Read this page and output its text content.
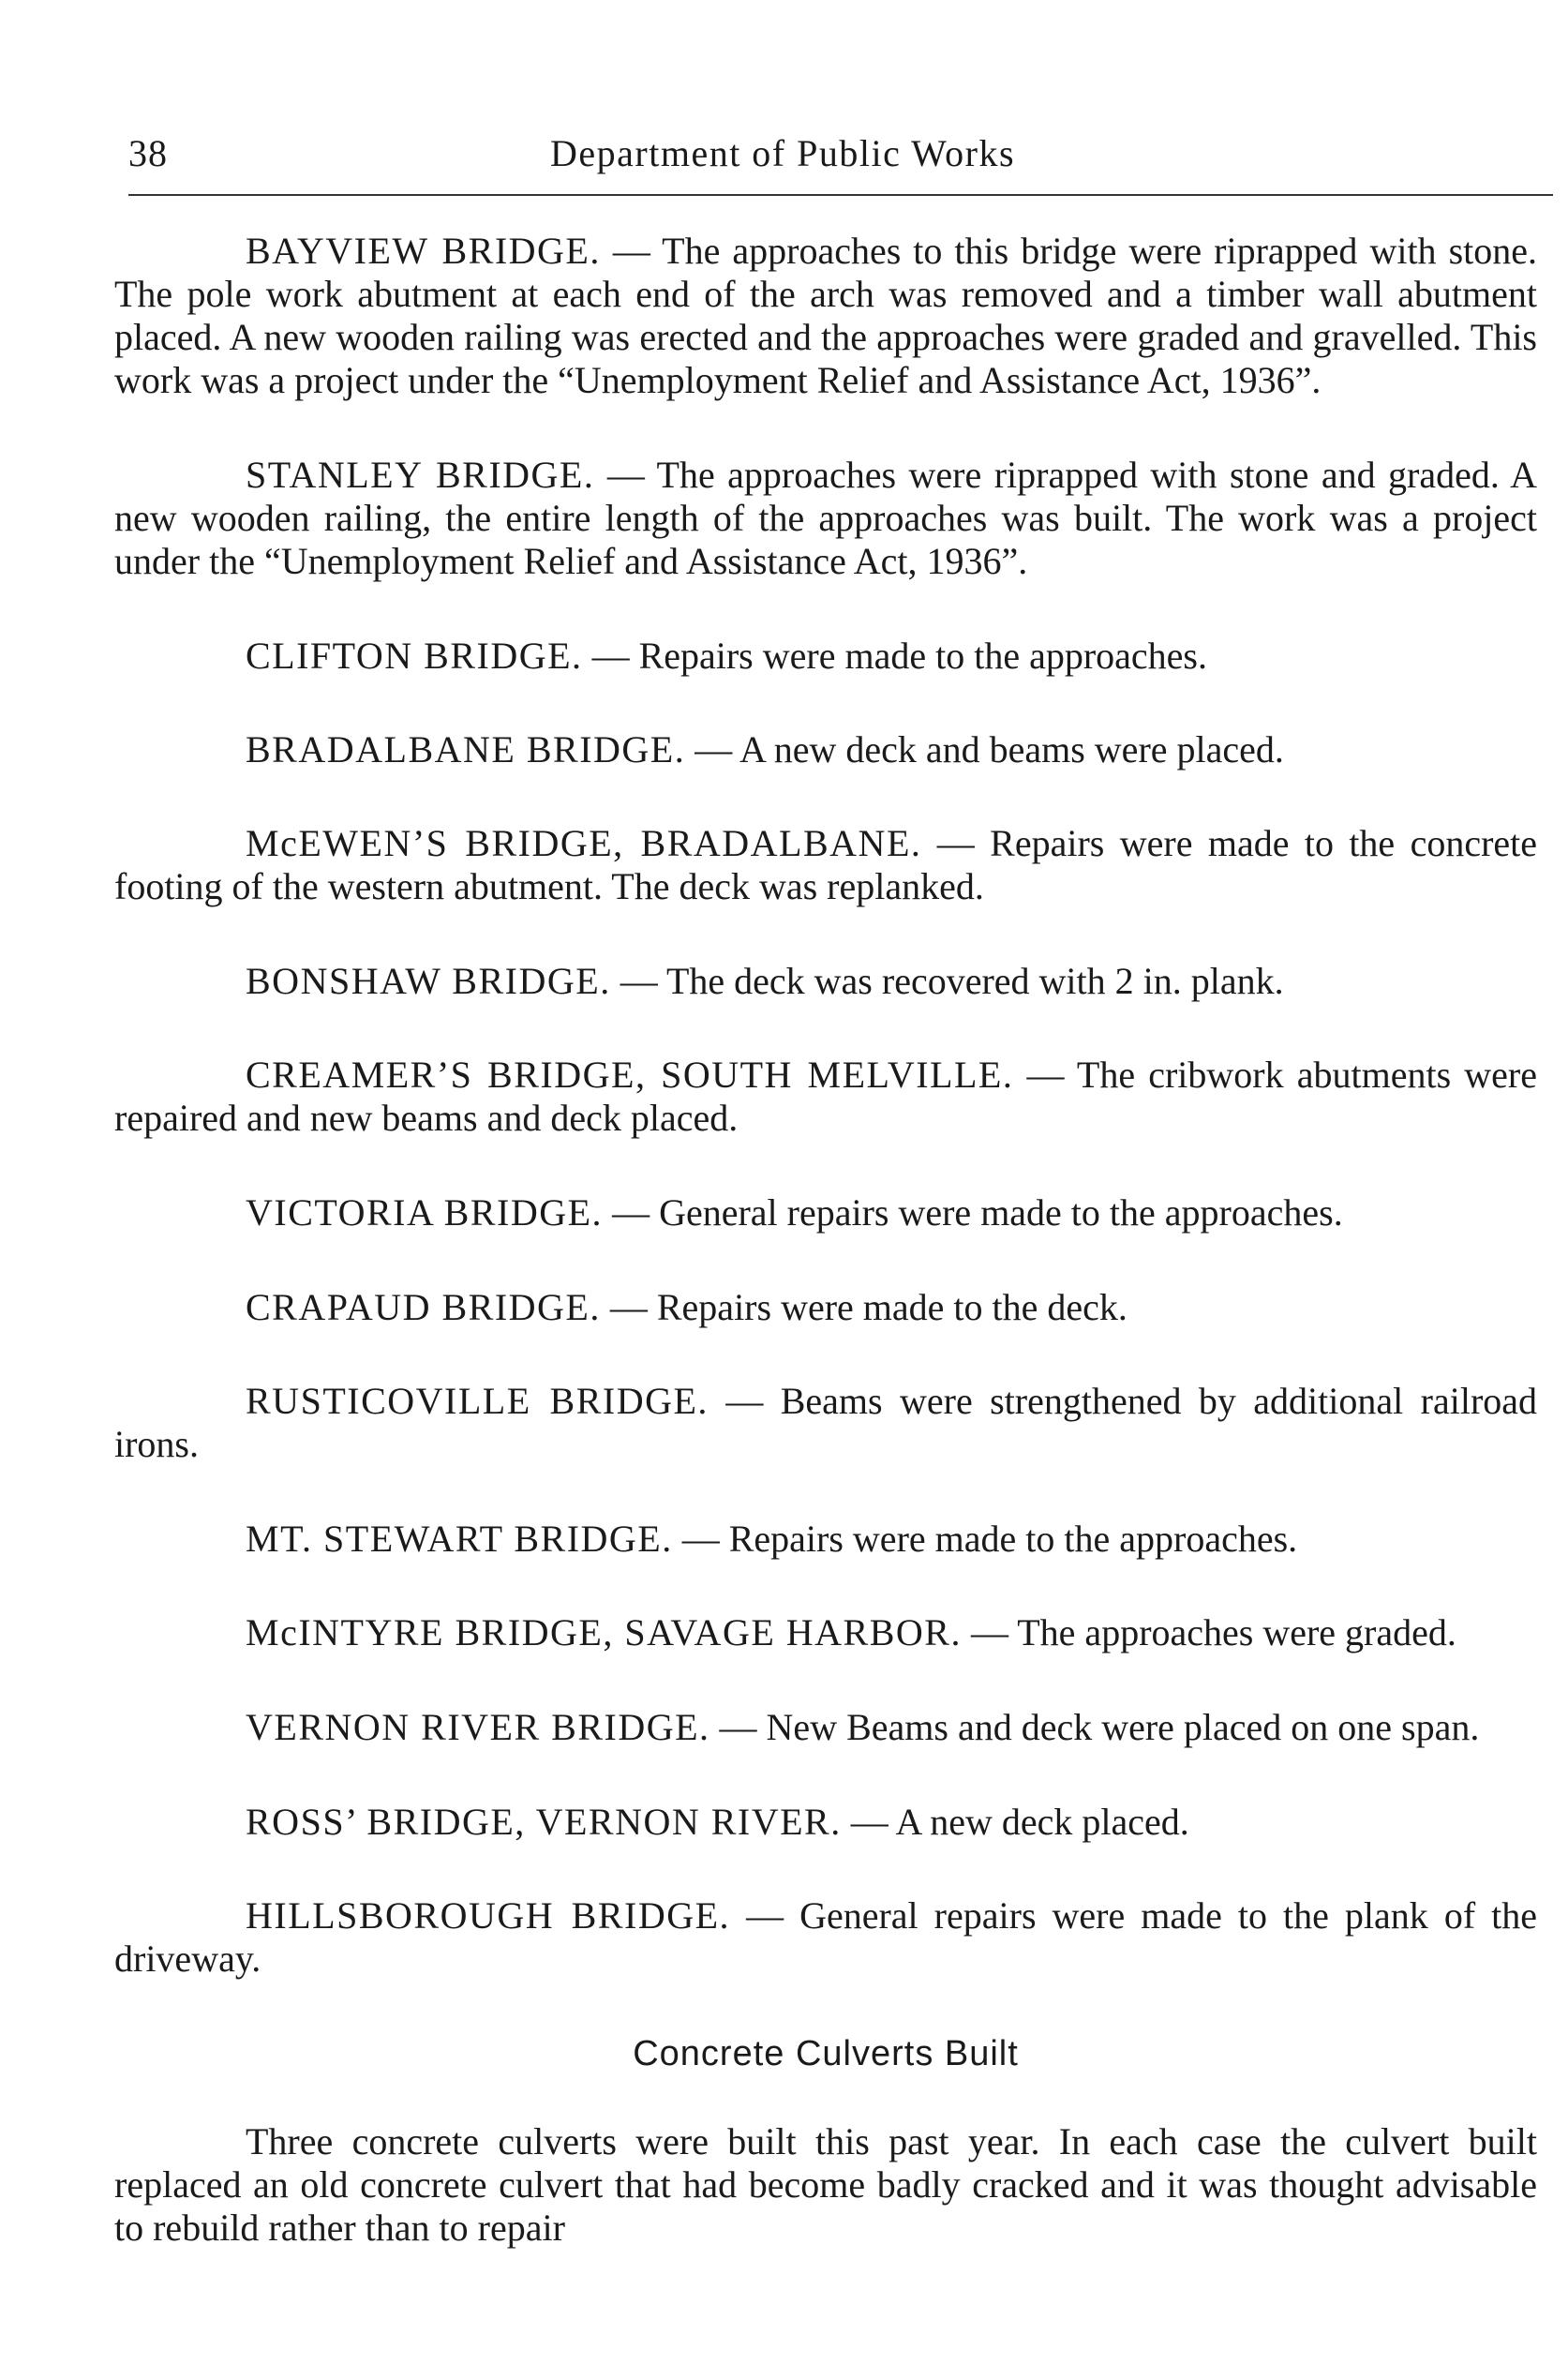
38	Department of Public Works

BAYVIEW BRIDGE. — The approaches to this bridge were riprapped with stone. The pole work abutment at each end of the arch was removed and a timber wall abutment placed. A new wooden railing was erected and the approaches were graded and gravelled. This work was a project under the “Unemployment Relief and Assistance Act, 1936”.

STANLEY BRIDGE. — The approaches were riprapped with stone and graded. A new wooden railing, the entire length of the approaches was built. The work was a project under the “Unemployment Relief and Assistance Act, 1936”.

CLIFTON BRIDGE. — Repairs were made to the approaches.

BRADALBANE BRIDGE. — A new deck and beams were placed.

McEWEN’S BRIDGE, BRADALBANE. — Repairs were made to the concrete footing of the western abutment. The deck was replanked.

BONSHAW BRIDGE. — The deck was recovered with 2 in. plank.

CREAMER’S BRIDGE, SOUTH MELVILLE. — The cribwork abutments were repaired and new beams and deck placed.

VICTORIA BRIDGE. — General repairs were made to the approaches.

CRAPAUD BRIDGE. — Repairs were made to the deck.

RUSTICOVILLE BRIDGE. — Beams were strengthened by additional railroad irons.

MT. STEWART BRIDGE. — Repairs were made to the approaches.

McINTYRE BRIDGE, SAVAGE HARBOR. — The approaches were graded.

VERNON RIVER BRIDGE. — New Beams and deck were placed on one span.

ROSS’ BRIDGE, VERNON RIVER. — A new deck placed.

HILLSBOROUGH BRIDGE. — General repairs were made to the plank of the driveway.

Concrete Culverts Built

Three concrete culverts were built this past year. In each case the culvert built replaced an old concrete culvert that had become badly cracked and it was thought advisable to rebuild rather than to repair
